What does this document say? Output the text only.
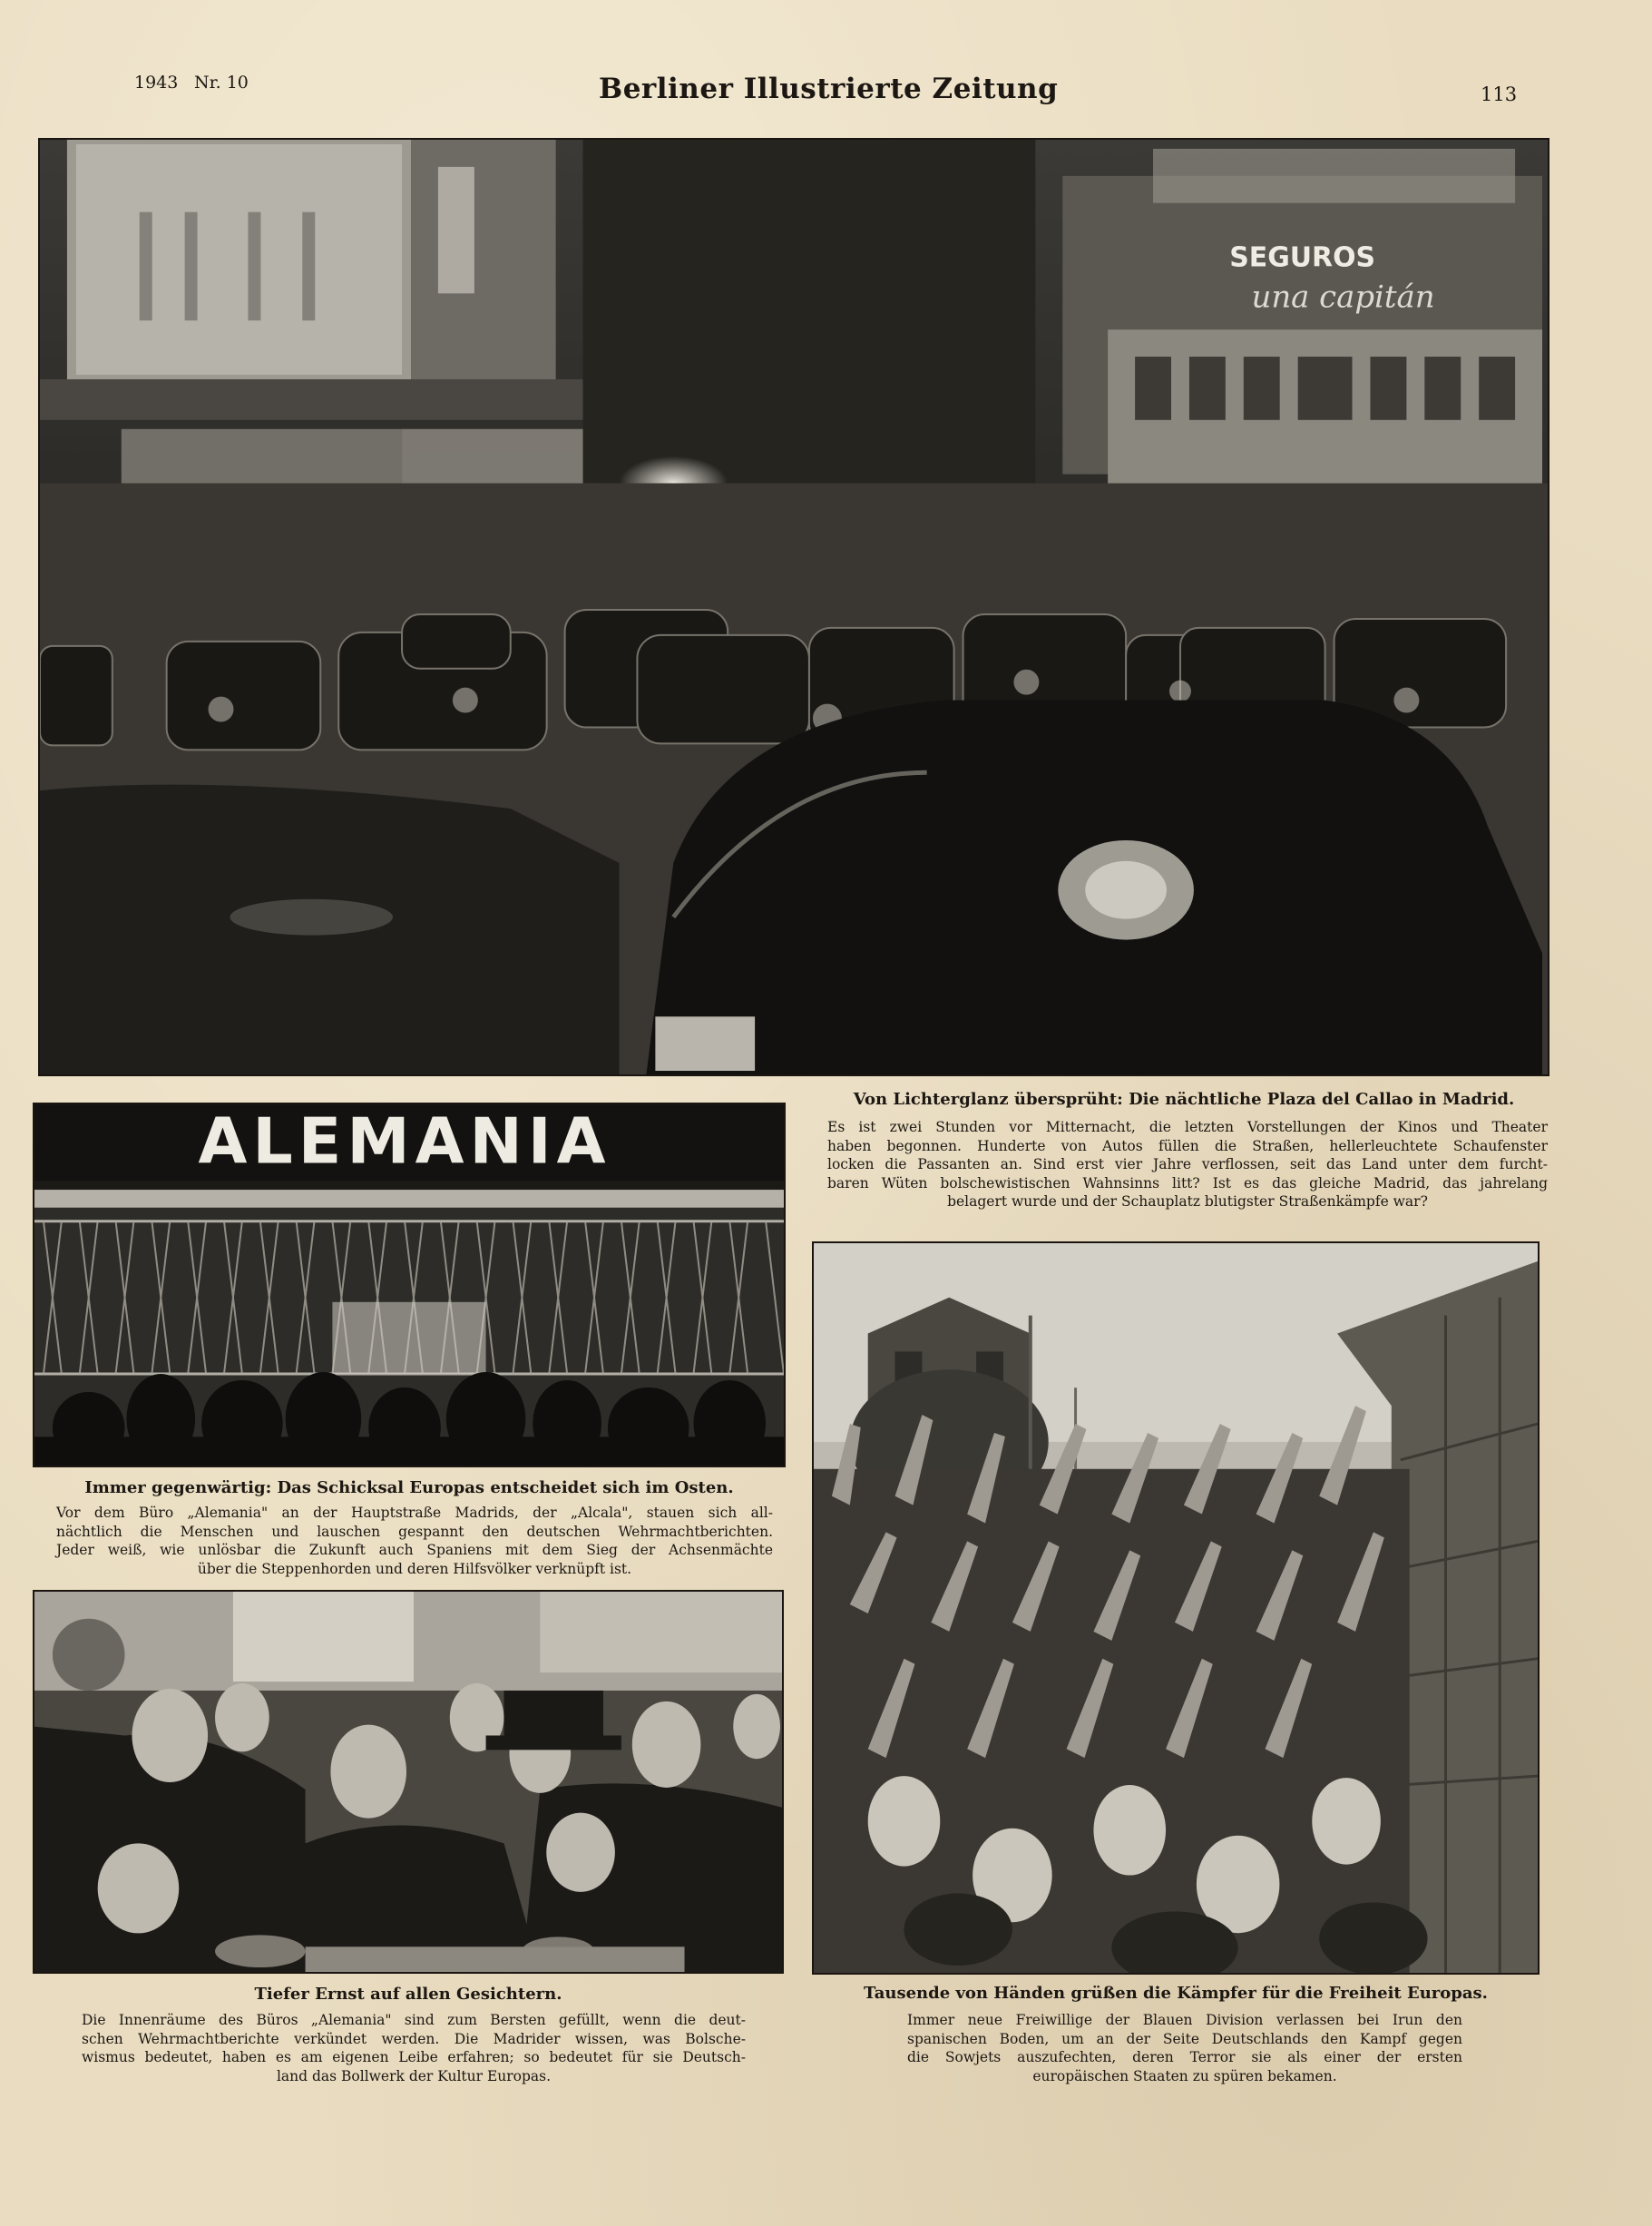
1943 Nr. 10	Berliner Illustrierte Zeitung	113
SEGUROS
una capitán
Von Lichterglanz übersprüht: Die nächtliche Plaza del Callao in Madrid.
Es ist zwei Stunden vor Mitternacht, die letzten Vorstellungen der Kinos und Theater
haben begonnen. Hunderte von Autos füllen die Straßen, hellerleuchtete Schaufenster
locken die Passanten an. Sind erst vier Jahre verflossen, seit das Land unter dem furcht-
baren Wüten bolschewistischen Wahnsinns litt? Ist es das gleiche Madrid, das jahrelang
belagert wurde und der Schauplatz blutigster Straßenkämpfe war?
ALEMANIA
Immer gegenwärtig: Das Schicksal Europas entscheidet sich im Osten.
Vor dem Büro „Alemania" an der Hauptstraße Madrids, der „Alcala", stauen sich all-
nächtlich die Menschen und lauschen gespannt den deutschen Wehrmachtberichten.
Jeder weiß, wie unlösbar die Zukunft auch Spaniens mit dem Sieg der Achsenmächte
über die Steppenhorden und deren Hilfsvölker verknüpft ist.
Tiefer Ernst auf allen Gesichtern.
Die Innenräume des Büros „Alemania" sind zum Bersten gefüllt, wenn die deut-
schen Wehrmachtberichte verkündet werden. Die Madrider wissen, was Bolsche-
wismus bedeutet, haben es am eigenen Leibe erfahren; so bedeutet für sie Deutsch-
land das Bollwerk der Kultur Europas.
Tausende von Händen grüßen die Kämpfer für die Freiheit Europas.
Immer neue Freiwillige der Blauen Division verlassen bei Irun den
spanischen Boden, um an der Seite Deutschlands den Kampf gegen
die Sowjets auszufechten, deren Terror sie als einer der ersten
europäischen Staaten zu spüren bekamen.
